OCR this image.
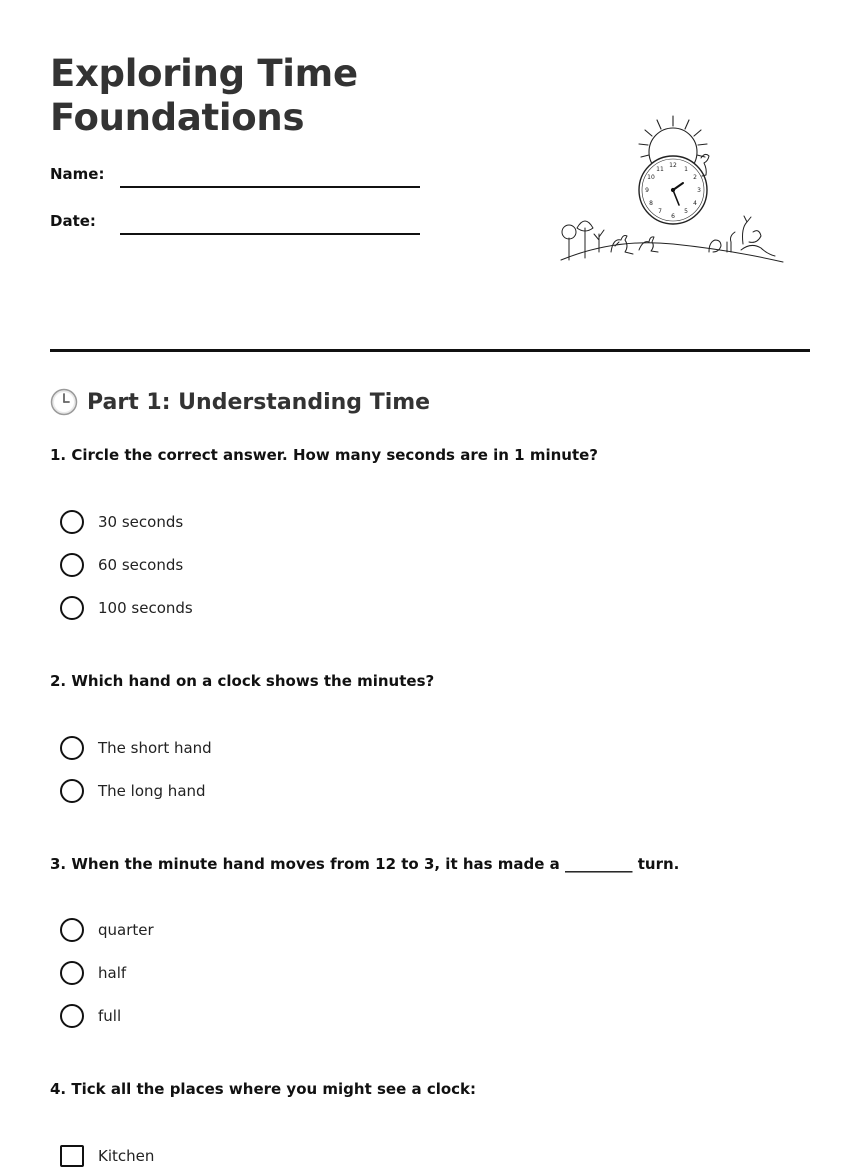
Exploring Time
Foundations
Name:
Date:
12
1
2
3
4
5
6
7
8
9
10
11
Part 1: Understanding Time
1. Circle the correct answer. How many seconds are in 1 minute?
30 seconds
60 seconds
100 seconds
2. Which hand on a clock shows the minutes?
The short hand
The long hand
3. When the minute hand moves from 12 to 3, it has made a _________ turn.
quarter
half
full
4. Tick all the places where you might see a clock:
Kitchen
